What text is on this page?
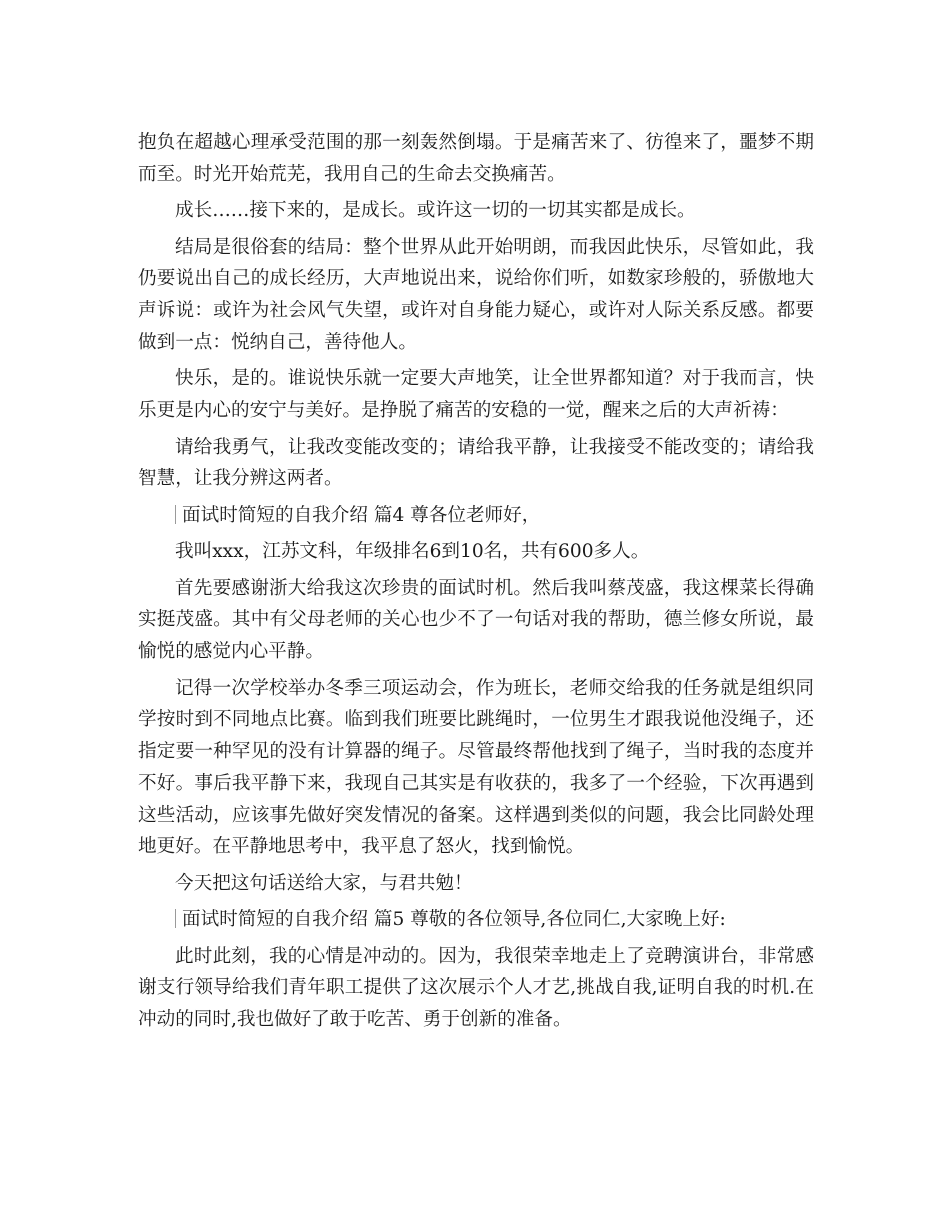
抱负在超越心理承受范围的那一刻轰然倒塌。于是痛苦来了、彷徨来了，噩梦不期而至。时光开始荒芜，我用自己的生命去交换痛苦。

成长……接下来的，是成长。或许这一切的一切其实都是成长。

结局是很俗套的结局：整个世界从此开始明朗，而我因此快乐，尽管如此，我仍要说出自己的成长经历，大声地说出来，说给你们听，如数家珍般的，骄傲地大声诉说：或许为社会风气失望，或许对自身能力疑心，或许对人际关系反感。都要做到一点：悦纳自己，善待他人。

快乐，是的。谁说快乐就一定要大声地笑，让全世界都知道？对于我而言，快乐更是内心的安宁与美好。是挣脱了痛苦的安稳的一觉，醒来之后的大声祈祷：

请给我勇气，让我改变能改变的；请给我平静，让我接受不能改变的；请给我智慧，让我分辨这两者。

面试时简短的自我介绍 篇4 尊各位老师好，

我叫xxx，江苏文科，年级排名6到10名，共有600多人。

首先要感谢浙大给我这次珍贵的面试时机。然后我叫蔡茂盛，我这棵菜长得确实挺茂盛。其中有父母老师的关心也少不了一句话对我的帮助，德兰修女所说，最愉悦的感觉内心平静。

记得一次学校举办冬季三项运动会，作为班长，老师交给我的任务就是组织同学按时到不同地点比赛。临到我们班要比跳绳时，一位男生才跟我说他没绳子，还指定要一种罕见的没有计算器的绳子。尽管最终帮他找到了绳子，当时我的态度并不好。事后我平静下来，我现自己其实是有收获的，我多了一个经验，下次再遇到这些活动，应该事先做好突发情况的备案。这样遇到类似的问题，我会比同龄处理地更好。在平静地思考中，我平息了怒火，找到愉悦。

今天把这句话送给大家，与君共勉！

面试时简短的自我介绍 篇5 尊敬的各位领导,各位同仁,大家晚上好:

此时此刻，我的心情是冲动的。因为，我很荣幸地走上了竞聘演讲台，非常感谢支行领导给我们青年职工提供了这次展示个人才艺,挑战自我,证明自我的时机.在冲动的同时,我也做好了敢于吃苦、勇于创新的准备。
